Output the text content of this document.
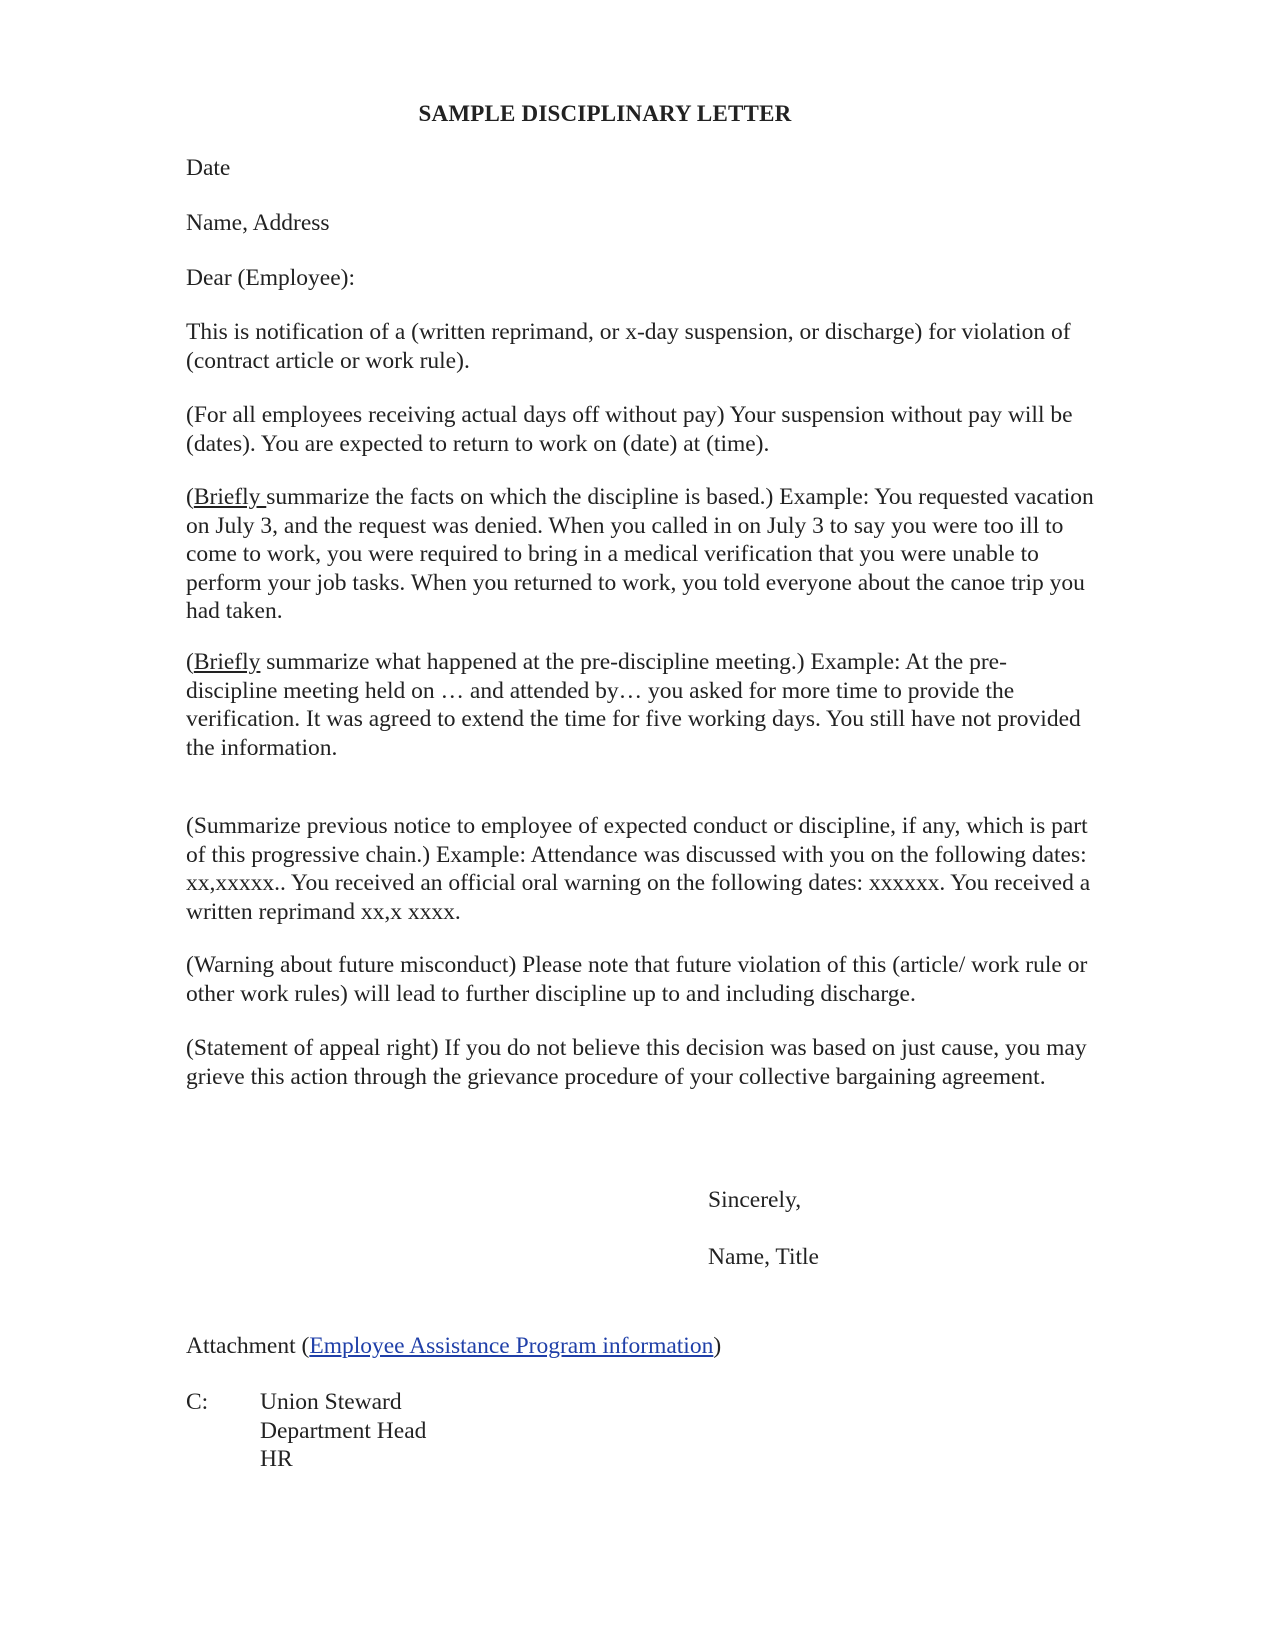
SAMPLE DISCIPLINARY LETTER

Date

Name, Address

Dear (Employee):

This is notification of a (written reprimand, or x-day suspension, or discharge) for violation of (contract article or work rule).

(For all employees receiving actual days off without pay) Your suspension without pay will be (dates). You are expected to return to work on (date) at (time).

(Briefly summarize the facts on which the discipline is based.) Example: You requested vacation on July 3, and the request was denied. When you called in on July 3 to say you were too ill to come to work, you were required to bring in a medical verification that you were unable to perform your job tasks. When you returned to work, you told everyone about the canoe trip you had taken.

(Briefly summarize what happened at the pre-discipline meeting.) Example: At the pre-discipline meeting held on … and attended by… you asked for more time to provide the verification. It was agreed to extend the time for five working days. You still have not provided the information.

(Summarize previous notice to employee of expected conduct or discipline, if any, which is part of this progressive chain.) Example: Attendance was discussed with you on the following dates: xx,xxxxx.. You received an official oral warning on the following dates: xxxxxx. You received a written reprimand xx,x xxxx.

(Warning about future misconduct) Please note that future violation of this (article/ work rule or other work rules) will lead to further discipline up to and including discharge.

(Statement of appeal right) If you do not believe this decision was based on just cause, you may grieve this action through the grievance procedure of your collective bargaining agreement.

Sincerely,
Name, Title

Attachment (Employee Assistance Program information)

C: Union Steward
Department Head
HR
